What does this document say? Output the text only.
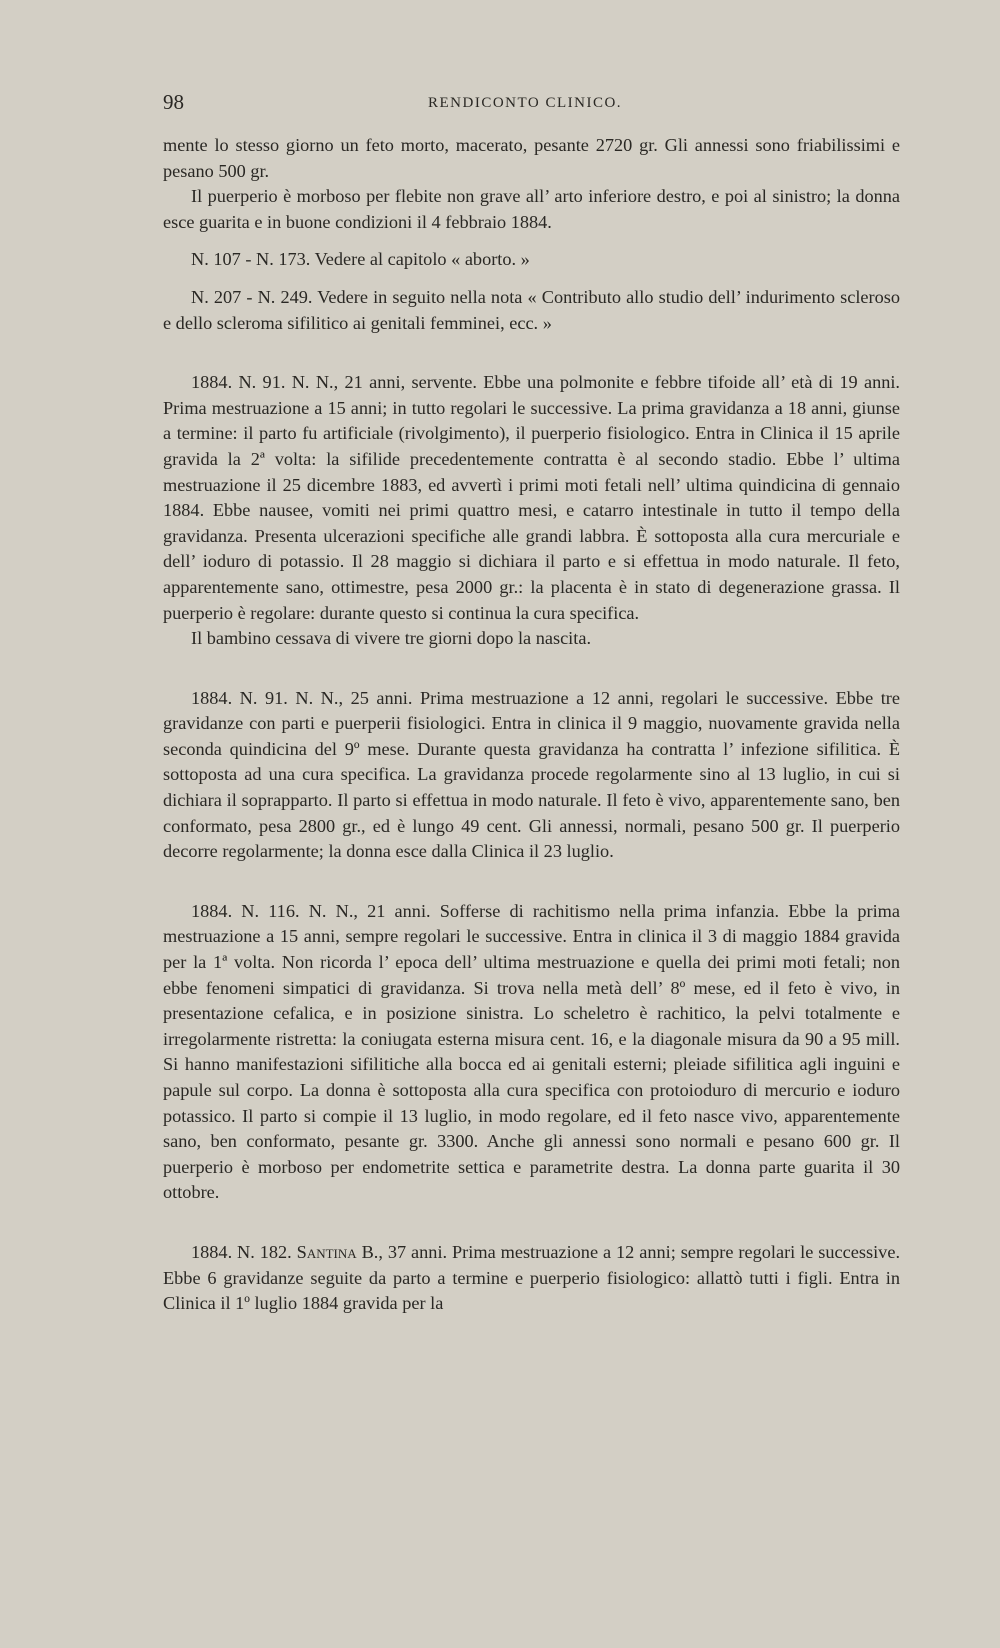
98	RENDICONTO CLINICO.

mente lo stesso giorno un feto morto, macerato, pesante 2720 gr. Gli annessi sono friabilissimi e pesano 500 gr.

Il puerperio è morboso per flebite non grave all’ arto inferiore destro, e poi al sinistro; la donna esce guarita e in buone condizioni il 4 febbraio 1884.

N. 107 - N. 173. Vedere al capitolo « aborto. »

N. 207 - N. 249. Vedere in seguito nella nota « Contributo allo studio dell’ indurimento scleroso e dello scleroma sifilitico ai genitali femminei, ecc. »

1884. N. 91. N. N., 21 anni, servente. Ebbe una polmonite e febbre tifoide all’ età di 19 anni. Prima mestruazione a 15 anni; in tutto regolari le successive. La prima gravidanza a 18 anni, giunse a termine: il parto fu artificiale (rivolgimento), il puerperio fisiologico. Entra in Clinica il 15 aprile gravida la 2ª volta: la sifilide precedentemente contratta è al secondo stadio. Ebbe l’ ultima mestruazione il 25 dicembre 1883, ed avvertì i primi moti fetali nell’ ultima quindicina di gennaio 1884. Ebbe nausee, vomiti nei primi quattro mesi, e catarro intestinale in tutto il tempo della gravidanza. Presenta ulcerazioni specifiche alle grandi labbra. È sottoposta alla cura mercuriale e dell’ ioduro di potassio. Il 28 maggio si dichiara il parto e si effettua in modo naturale. Il feto, apparentemente sano, ottimestre, pesa 2000 gr.: la placenta è in stato di degenerazione grassa. Il puerperio è regolare: durante questo si continua la cura specifica.

Il bambino cessava di vivere tre giorni dopo la nascita.

1884. N. 91. N. N., 25 anni. Prima mestruazione a 12 anni, regolari le successive. Ebbe tre gravidanze con parti e puerperii fisiologici. Entra in clinica il 9 maggio, nuovamente gravida nella seconda quindicina del 9º mese. Durante questa gravidanza ha contratta l’ infezione sifilitica. È sottoposta ad una cura specifica. La gravidanza procede regolarmente sino al 13 luglio, in cui si dichiara il soprapparto. Il parto si effettua in modo naturale. Il feto è vivo, apparentemente sano, ben conformato, pesa 2800 gr., ed è lungo 49 cent. Gli annessi, normali, pesano 500 gr. Il puerperio decorre regolarmente; la donna esce dalla Clinica il 23 luglio.

1884. N. 116. N. N., 21 anni. Sofferse di rachitismo nella prima infanzia. Ebbe la prima mestruazione a 15 anni, sempre regolari le successive. Entra in clinica il 3 di maggio 1884 gravida per la 1ª volta. Non ricorda l’ epoca dell’ ultima mestruazione e quella dei primi moti fetali; non ebbe fenomeni simpatici di gravidanza. Si trova nella metà dell’ 8º mese, ed il feto è vivo, in presentazione cefalica, e in posizione sinistra. Lo scheletro è rachitico, la pelvi totalmente e irregolarmente ristretta: la coniugata esterna misura cent. 16, e la diagonale misura da 90 a 95 mill. Si hanno manifestazioni sifilitiche alla bocca ed ai genitali esterni; pleiade sifilitica agli inguini e papule sul corpo. La donna è sottoposta alla cura specifica con protoioduro di mercurio e ioduro potassico. Il parto si compie il 13 luglio, in modo regolare, ed il feto nasce vivo, apparentemente sano, ben conformato, pesante gr. 3300. Anche gli annessi sono normali e pesano 600 gr. Il puerperio è morboso per endometrite settica e parametrite destra. La donna parte guarita il 30 ottobre.

1884. N. 182. Santina B., 37 anni. Prima mestruazione a 12 anni; sempre regolari le successive. Ebbe 6 gravidanze seguite da parto a termine e puerperio fisiologico: allattò tutti i figli. Entra in Clinica il 1º luglio 1884 gravida per la
